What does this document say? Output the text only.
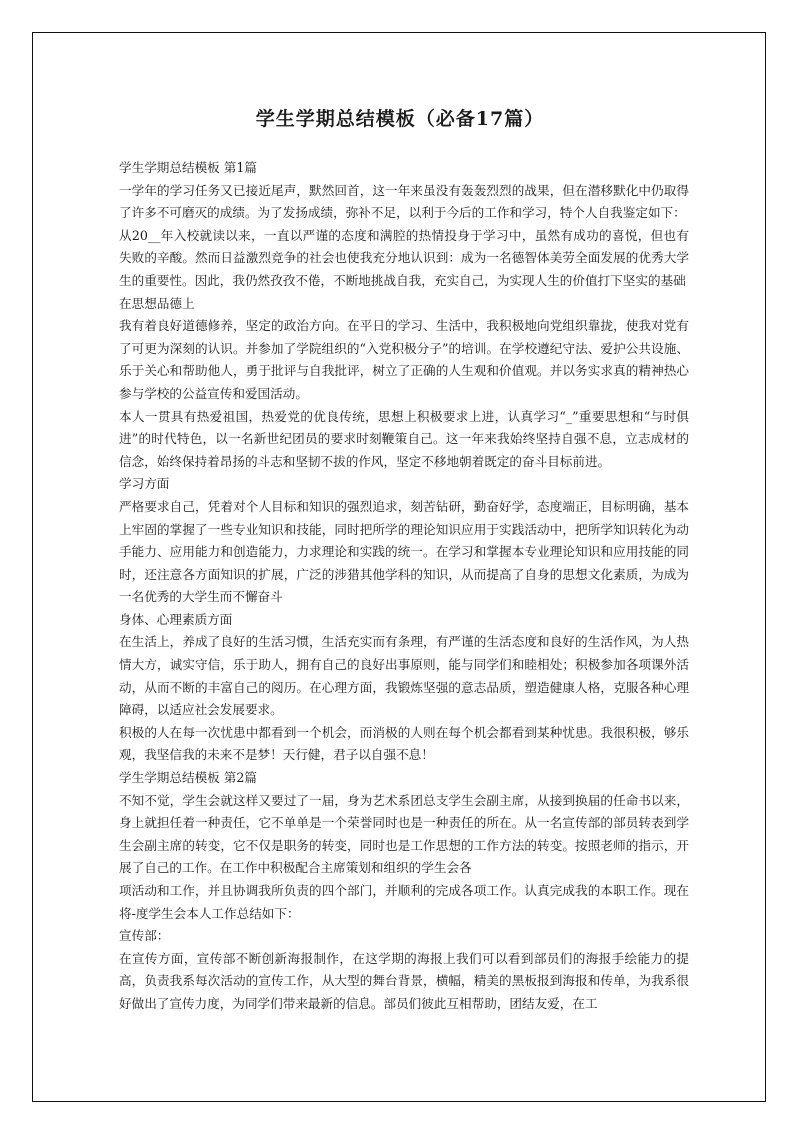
学生学期总结模板（必备17篇）

学生学期总结模板 第1篇

一学年的学习任务又已接近尾声，默然回首，这一年来虽没有轰轰烈烈的战果，但在潜移默化中仍取得了许多不可磨灭的成绩。为了发扬成绩，弥补不足，以利于今后的工作和学习，特个人自我鉴定如下：

从20__年入校就读以来，一直以严谨的态度和满腔的热情投身于学习中，虽然有成功的喜悦，但也有失败的辛酸。然而日益激烈竞争的社会也使我充分地认识到：成为一名德智体美劳全面发展的优秀大学生的重要性。因此，我仍然孜孜不倦，不断地挑战自我，充实自己，为实现人生的价值打下坚实的基础

在思想品德上

我有着良好道德修养，坚定的政治方向。在平日的学习、生活中，我积极地向党组织靠拢，使我对党有了可更为深刻的认识。并参加了学院组织的“入党积极分子”的培训。在学校遵纪守法、爱护公共设施、乐于关心和帮助他人，勇于批评与自我批评，树立了正确的人生观和价值观。并以务实求真的精神热心参与学校的公益宣传和爱国活动。

本人一贯具有热爱祖国，热爱党的优良传统，思想上积极要求上进，认真学习“_”重要思想和“与时俱进”的时代特色，以一名新世纪团员的要求时刻鞭策自己。这一年来我始终坚持自强不息，立志成材的信念，始终保持着昂扬的斗志和坚韧不拔的作风，坚定不移地朝着既定的奋斗目标前进。

学习方面

严格要求自己，凭着对个人目标和知识的强烈追求，刻苦钻研，勤奋好学，态度端正，目标明确，基本上牢固的掌握了一些专业知识和技能，同时把所学的理论知识应用于实践活动中，把所学知识转化为动手能力、应用能力和创造能力，力求理论和实践的统一。在学习和掌握本专业理论知识和应用技能的同时，还注意各方面知识的扩展，广泛的涉猎其他学科的知识，从而提高了自身的思想文化素质，为成为一名优秀的大学生而不懈奋斗

身体、心理素质方面

在生活上，养成了良好的生活习惯，生活充实而有条理，有严谨的生活态度和良好的生活作风，为人热情大方，诚实守信，乐于助人，拥有自己的良好出事原则，能与同学们和睦相处；积极参加各项课外活动，从而不断的丰富自己的阅历。在心理方面，我锻炼坚强的意志品质，塑造健康人格，克服各种心理障碍，以适应社会发展要求。

积极的人在每一次忧患中都看到一个机会，而消极的人则在每个机会都看到某种忧患。我很积极，够乐观，我坚信我的未来不是梦！天行健，君子以自强不息！

学生学期总结模板 第2篇

不知不觉，学生会就这样又要过了一届，身为艺术系团总支学生会副主席，从接到换届的任命书以来，身上就担任着一种责任，它不单单是一个荣誉同时也是一种责任的所在。从一名宣传部的部员转表到学生会副主席的转变，它不仅是职务的转变，同时也是工作思想的工作方法的转变。按照老师的指示，开展了自己的工作。在工作中积极配合主席策划和组织的学生会各

项活动和工作，并且协调我所负责的四个部门，并顺利的完成各项工作。认真完成我的本职工作。现在将-度学生会本人工作总结如下：

宣传部：

在宣传方面，宣传部不断创新海报制作，在这学期的海报上我们可以看到部员们的海报手绘能力的提高，负责我系每次活动的宣传工作，从大型的舞台背景，横幅，精美的黑板报到海报和传单，为我系很好做出了宣传力度，为同学们带来最新的信息。部员们彼此互相帮助，团结友爱，在工
